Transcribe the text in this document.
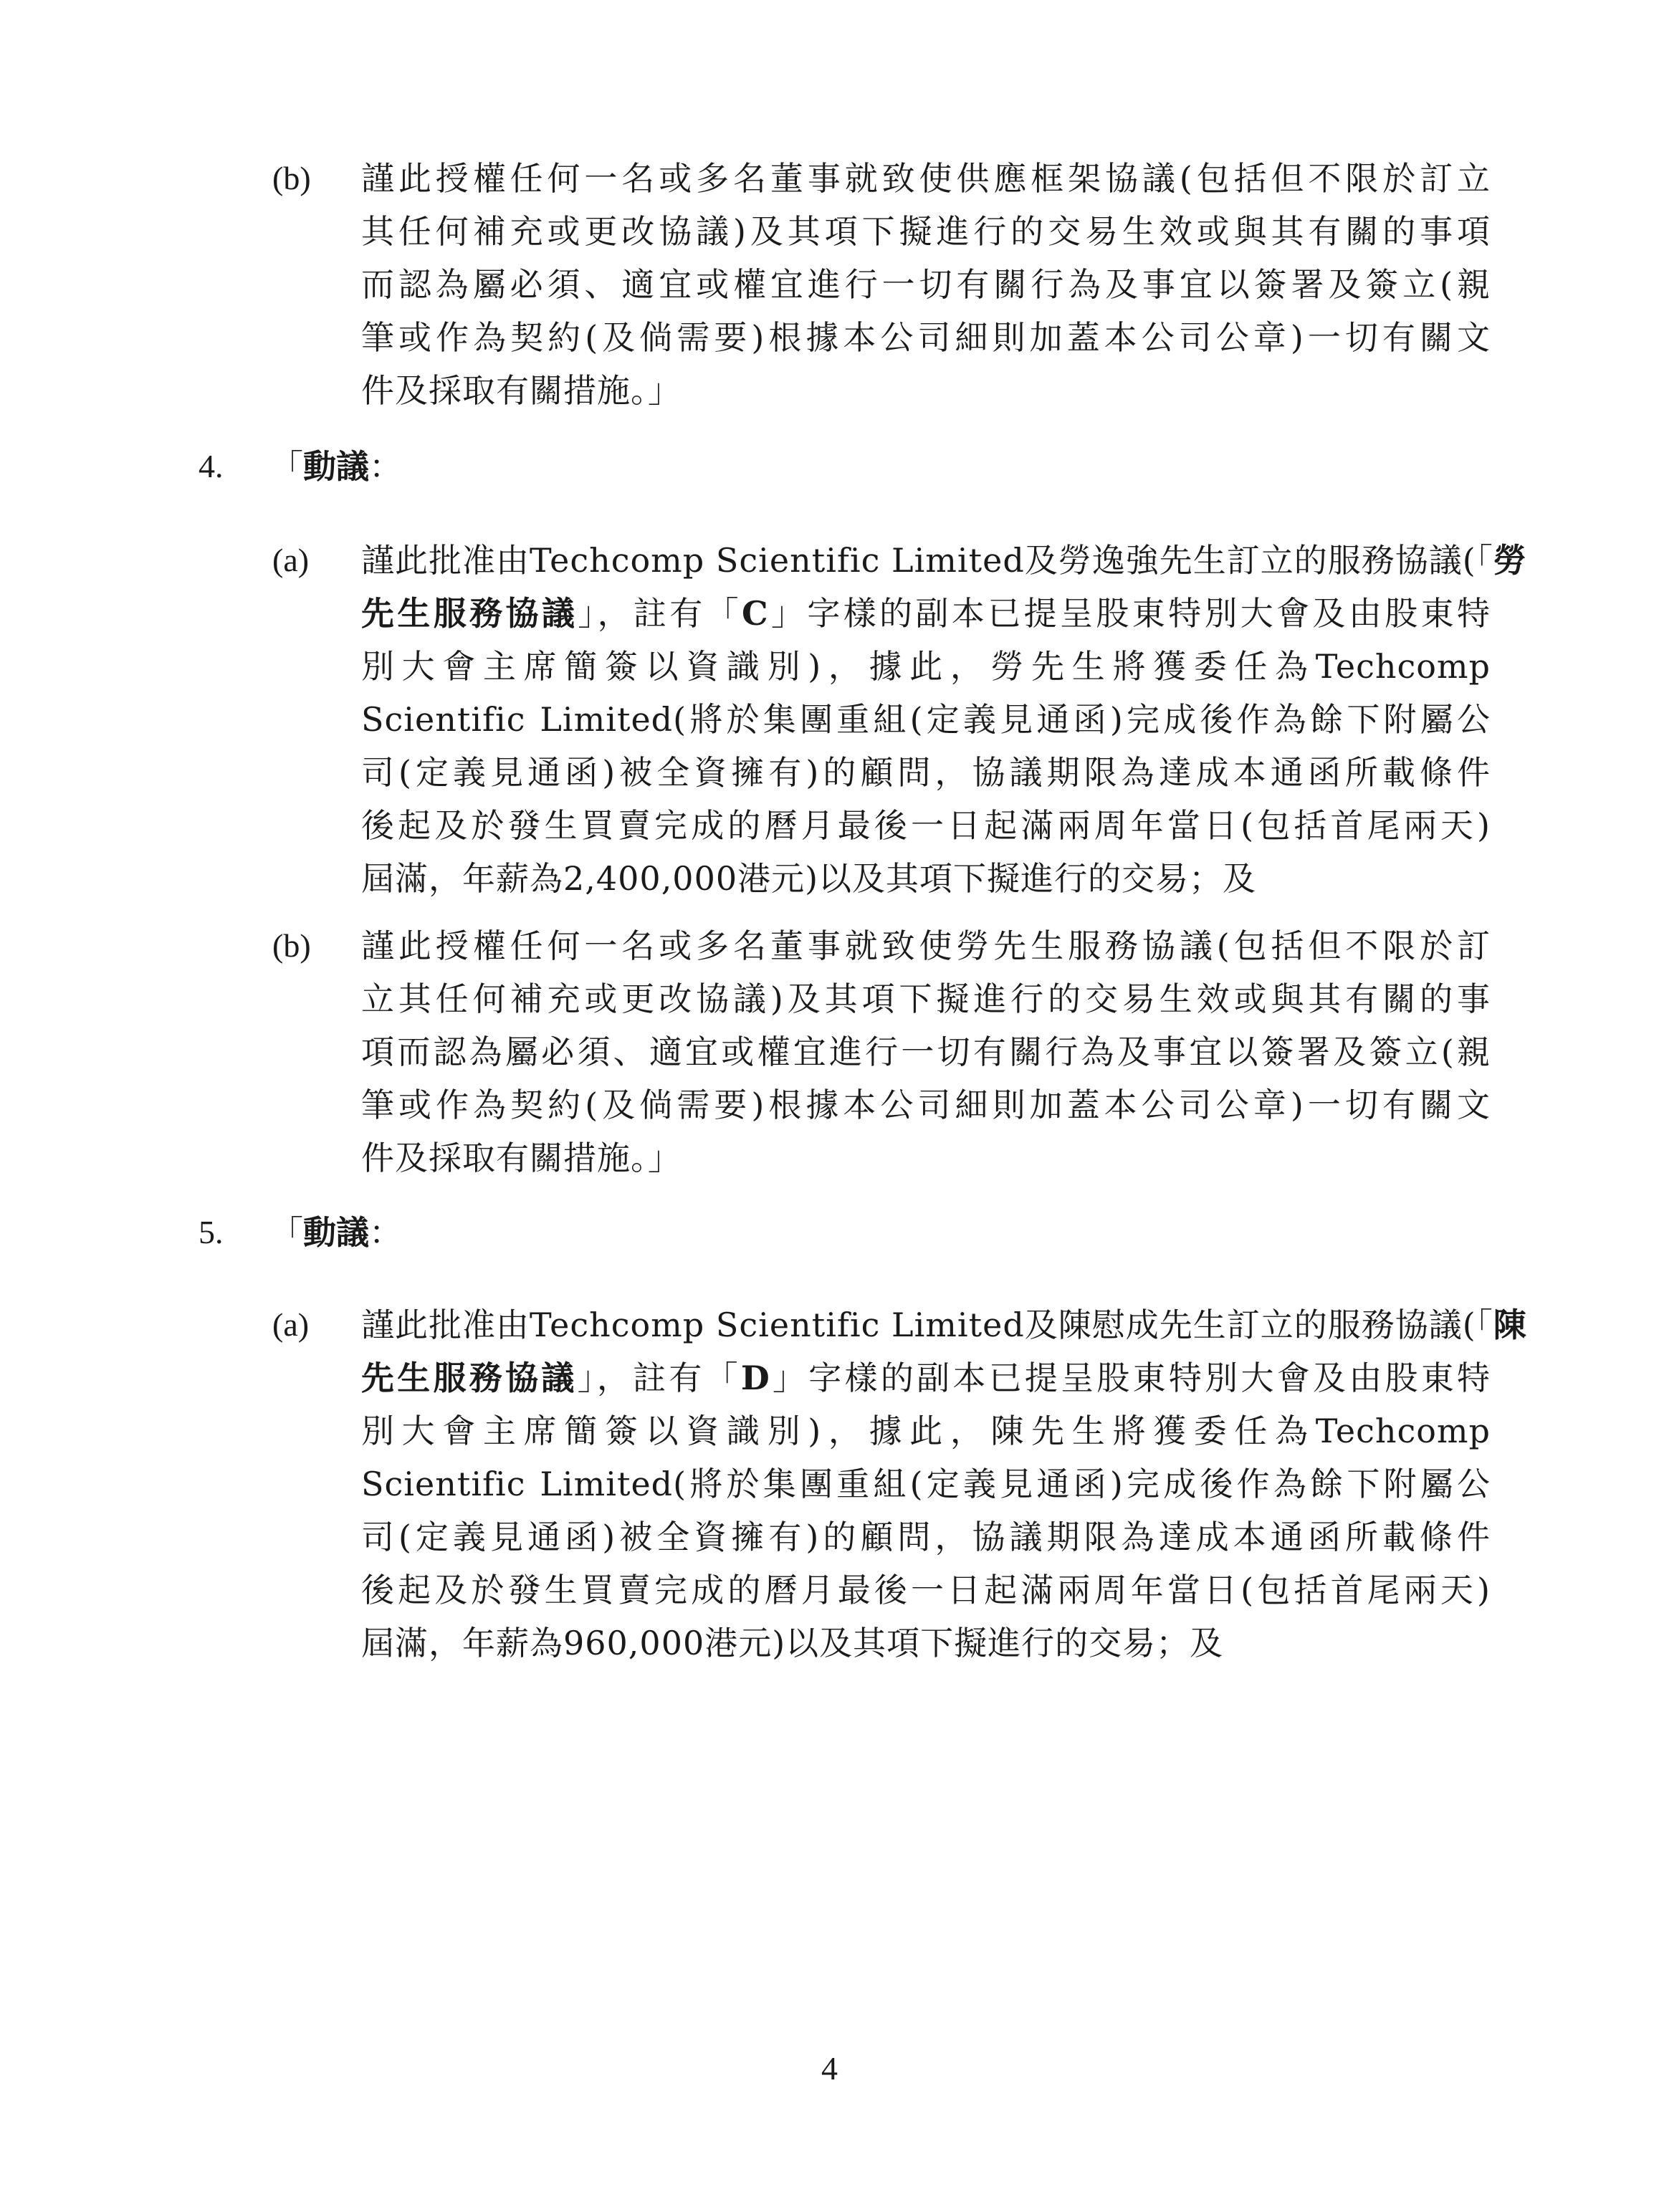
(b) 謹此授權任何一名或多名董事就致使供應框架協議(包括但不限於訂立
其任何補充或更改協議)及其項下擬進行的交易生效或與其有關的事項
而認為屬必須、適宜或權宜進行一切有關行為及事宜以簽署及簽立(親
筆或作為契約(及倘需要)根據本公司細則加蓋本公司公章)一切有關文
件及採取有關措施。」
4. 「動議：
(a) 謹此批准由Techcomp Scientific Limited及勞逸強先生訂立的服務協議(「勞
先生服務協議」，註有「C」字樣的副本已提呈股東特別大會及由股東特
別大會主席簡簽以資識別)，據此，勞先生將獲委任為Techcomp
Scientific Limited(將於集團重組(定義見通函)完成後作為餘下附屬公
司(定義見通函)被全資擁有)的顧問，協議期限為達成本通函所載條件
後起及於發生買賣完成的曆月最後一日起滿兩周年當日(包括首尾兩天)
屆滿，年薪為2,400,000港元)以及其項下擬進行的交易；及
(b) 謹此授權任何一名或多名董事就致使勞先生服務協議(包括但不限於訂
立其任何補充或更改協議)及其項下擬進行的交易生效或與其有關的事
項而認為屬必須、適宜或權宜進行一切有關行為及事宜以簽署及簽立(親
筆或作為契約(及倘需要)根據本公司細則加蓋本公司公章)一切有關文
件及採取有關措施。」
5. 「動議：
(a) 謹此批准由Techcomp Scientific Limited及陳慰成先生訂立的服務協議(「陳
先生服務協議」，註有「D」字樣的副本已提呈股東特別大會及由股東特
別大會主席簡簽以資識別)，據此，陳先生將獲委任為Techcomp
Scientific Limited(將於集團重組(定義見通函)完成後作為餘下附屬公
司(定義見通函)被全資擁有)的顧問，協議期限為達成本通函所載條件
後起及於發生買賣完成的曆月最後一日起滿兩周年當日(包括首尾兩天)
屆滿，年薪為960,000港元)以及其項下擬進行的交易；及
4
